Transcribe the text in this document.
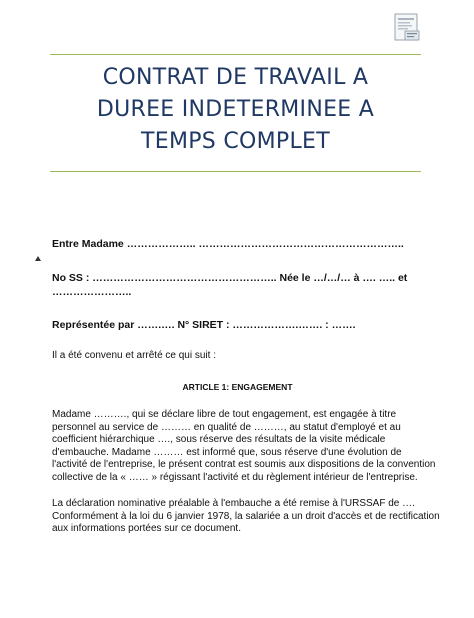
CONTRAT DE TRAVAIL A
DUREE INDETERMINEE A
TEMPS COMPLET
Entre Madame ……………….. …………………………………………………..
No SS : …………………………………………….. Née le …/…/… à …. ….. et
…………………..
Représentée par …….…. N° SIRET : ……………….……. : …….
Il a été convenu et arrêté ce qui suit :
ARTICLE 1: ENGAGEMENT
Madame ………., qui se déclare libre de tout engagement, est engagée à titre
personnel au service de ……… en qualité de ………, au statut d'employé et au
coefficient hiérarchique …., sous réserve des résultats de la visite médicale
d'embauche. Madame ……… est informé que, sous réserve d'une évolution de
l'activité de l'entreprise, le présent contrat est soumis aux dispositions de la convention
collective de la « …… » régissant l'activité et du règlement intérieur de l'entreprise.
La déclaration nominative préalable à l'embauche a été remise à l'URSSAF de ….
Conformément à la loi du 6 janvier 1978, la salariée a un droit d'accès et de rectification
aux informations portées sur ce document.
